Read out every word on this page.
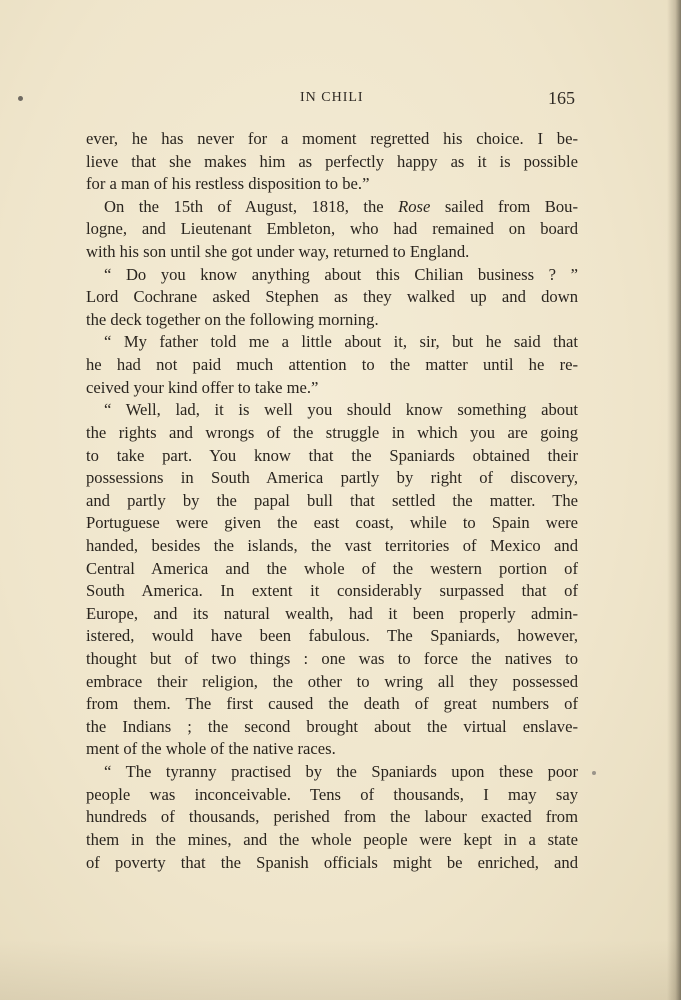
IN CHILI	165
ever, he has never for a moment regretted his choice. I be-
lieve that she makes him as perfectly happy as it is possible
for a man of his restless disposition to be.”
On the 15th of August, 1818, the Rose sailed from Bou-
logne, and Lieutenant Embleton, who had remained on board
with his son until she got under way, returned to England.
“ Do you know anything about this Chilian business ? ”
Lord Cochrane asked Stephen as they walked up and down
the deck together on the following morning.
“ My father told me a little about it, sir, but he said that
he had not paid much attention to the matter until he re-
ceived your kind offer to take me.”
“ Well, lad, it is well you should know something about
the rights and wrongs of the struggle in which you are going
to take part. You know that the Spaniards obtained their
possessions in South America partly by right of discovery,
and partly by the papal bull that settled the matter. The
Portuguese were given the east coast, while to Spain were
handed, besides the islands, the vast territories of Mexico and
Central America and the whole of the western portion of
South America. In extent it considerably surpassed that of
Europe, and its natural wealth, had it been properly admin-
istered, would have been fabulous. The Spaniards, however,
thought but of two things : one was to force the natives to
embrace their religion, the other to wring all they possessed
from them. The first caused the death of great numbers of
the Indians ; the second brought about the virtual enslave-
ment of the whole of the native races.
“ The tyranny practised by the Spaniards upon these poor
people was inconceivable. Tens of thousands, I may say
hundreds of thousands, perished from the labour exacted from
them in the mines, and the whole people were kept in a state
of poverty that the Spanish officials might be enriched, and
